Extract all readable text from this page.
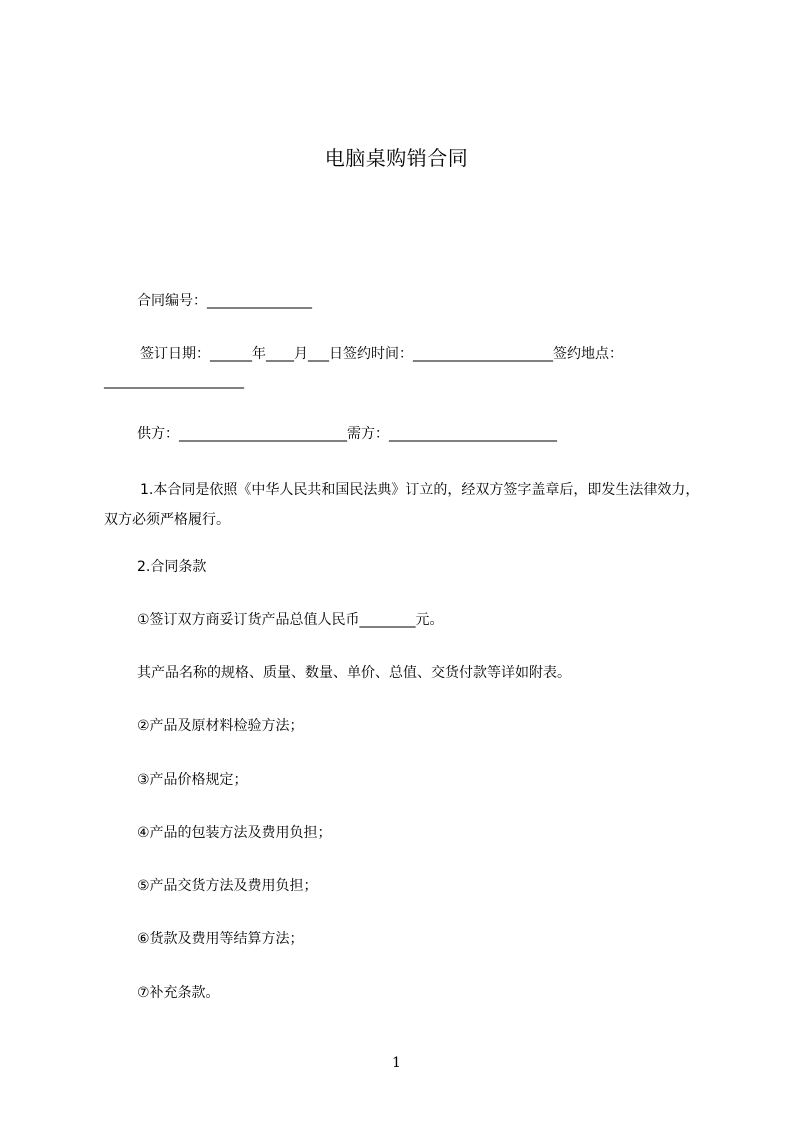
电脑桌购销合同
合同编号：_______________
签订日期：______年____月___日签约时间：____________________签约地点：
____________________
供方：________________________需方：________________________
1.本合同是依照《中华人民共和国民法典》订立的，经双方签字盖章后，即发生法律效力，双方必须严格履行。
2.合同条款
①签订双方商妥订货产品总值人民币________元。
其产品名称的规格、质量、数量、单价、总值、交货付款等详如附表。
②产品及原材料检验方法；
③产品价格规定；
④产品的包装方法及费用负担；
⑤产品交货方法及费用负担；
⑥货款及费用等结算方法；
⑦补充条款。
1
